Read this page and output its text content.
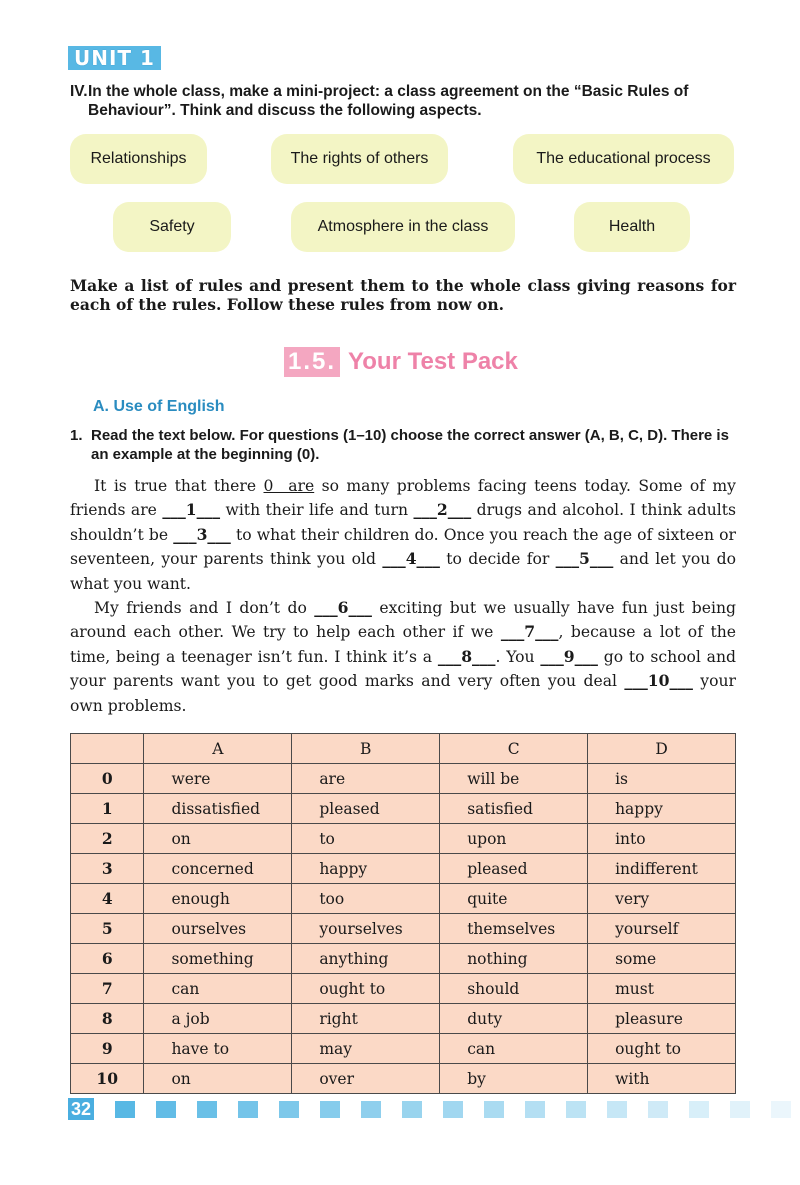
UNIT 1
IV. In the whole class, make a mini-project: a class agreement on the “Basic Rules of Behaviour”. Think and discuss the following aspects.
Relationships	The rights of others	The educational process
Safety	Atmosphere in the class	Health
Make a list of rules and present them to the whole class giving reasons for each of the rules. Follow these rules from now on.
1.5. Your Test Pack
A. Use of English
1. Read the text below. For questions (1–10) choose the correct answer (A, B, C, D). There is an example at the beginning (0).
It is true that there 0  are so many problems facing teens today. Some of my friends are ___1___ with their life and turn ___2___ drugs and alcohol. I think adults shouldn’t be ___3___ to what their children do. Once you reach the age of sixteen or seventeen, your parents think you old ___4___ to decide for ___5___ and let you do what you want.
My friends and I don’t do ___6___ exciting but we usually have fun just being around each other. We try to help each other if we ___7___, because a lot of the time, being a teenager isn’t fun. I think it’s a ___8___. You ___9___ go to school and your parents want you to get good marks and very often you deal ___10___ your own problems.
	A	B	C	D
0	were	are	will be	is
1	dissatisfied	pleased	satisfied	happy
2	on	to	upon	into
3	concerned	happy	pleased	indifferent
4	enough	too	quite	very
5	ourselves	yourselves	themselves	yourself
6	something	anything	nothing	some
7	can	ought to	should	must
8	a job	right	duty	pleasure
9	have to	may	can	ought to
10	on	over	by	with
32
